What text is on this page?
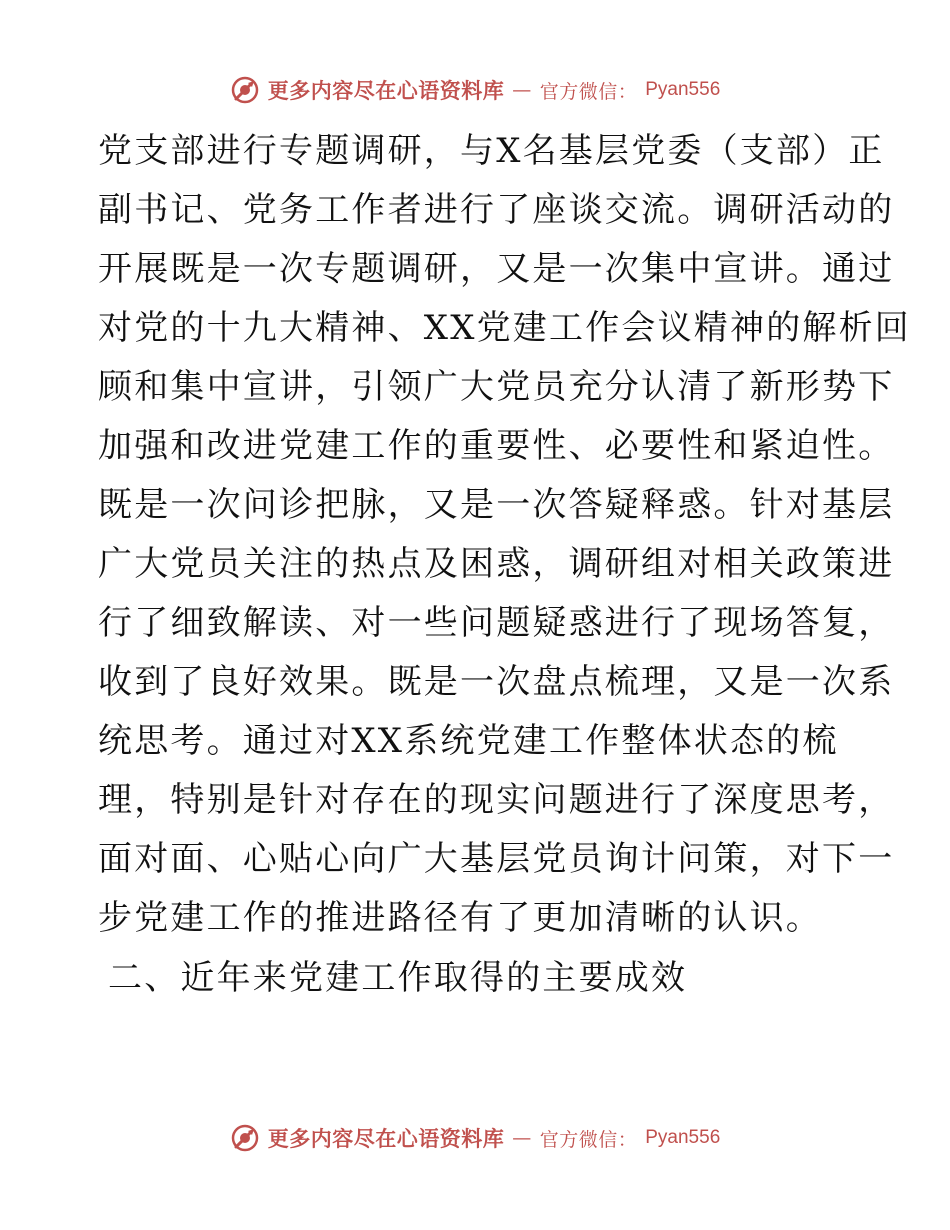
更多内容尽在心语资料库 — 官方微信： Pyan556
党支部进行专题调研，与X名基层党委（支部）正
副书记、党务工作者进行了座谈交流。调研活动的
开展既是一次专题调研，又是一次集中宣讲。通过
对党的十九大精神、XX党建工作会议精神的解析回
顾和集中宣讲，引领广大党员充分认清了新形势下
加强和改进党建工作的重要性、必要性和紧迫性。
既是一次问诊把脉，又是一次答疑释惑。针对基层
广大党员关注的热点及困惑，调研组对相关政策进
行了细致解读、对一些问题疑惑进行了现场答复，
收到了良好效果。既是一次盘点梳理，又是一次系
统思考。通过对XX系统党建工作整体状态的梳
理，特别是针对存在的现实问题进行了深度思考，
面对面、心贴心向广大基层党员询计问策，对下一
步党建工作的推进路径有了更加清晰的认识。
二、近年来党建工作取得的主要成效
更多内容尽在心语资料库 — 官方微信： Pyan556
